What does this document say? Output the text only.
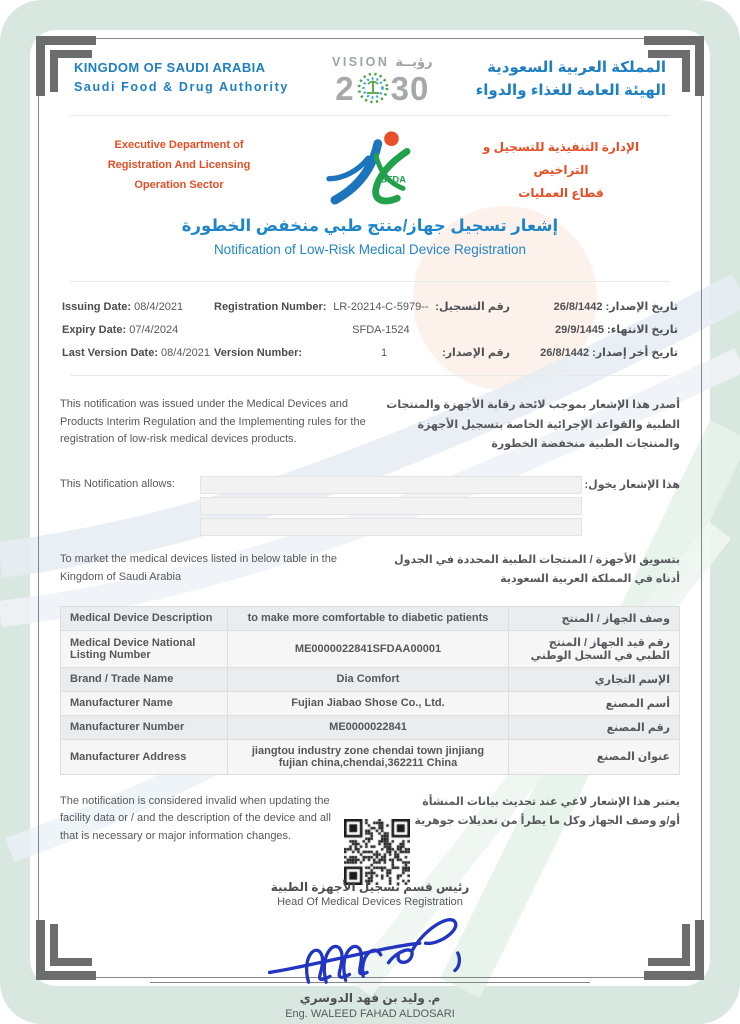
KINGDOM OF SAUDI ARABIA
Saudi Food & Drug Authority
VISION رؤيــة
2 30
المملكة العربية السعودية
الهيئة العامة للغذاء والدواء
Executive Department of
Registration And Licensing
Operation Sector	SFDA
الإدارة التنفيذية للتسجيل و التراخيص
قطاع العمليات
إشعار تسجيل جهاز/منتج طبي منخفض الخطورة
Notification of Low-Risk Medical Device Registration
Issuing Date: 08/4/2021
Expiry Date: 07/4/2024
Last Version Date: 08/4/2021
Registration Number: LR-20214-C-5979--SFDA-1524
رقم التسجيل:
Version Number:	1	رقم الإصدار:
تاريخ الإصدار: 26/8/1442
تاريخ الانتهاء: 29/9/1445
تاريخ أخر إصدار: 26/8/1442
This notification was issued under the Medical Devices and Products Interim Regulation and the Implementing rules for the registration of low-risk medical devices products.
أصدر هذا الإشعار بموجب لائحة رقابة الأجهزة والمنتجات الطبية والقواعد الإجرائية الخاصة بتسجيل الأجهزة والمنتجات الطبية منخفضة الخطورة
This Notification allows:	هذا الإشعار يخول:
To market the medical devices listed in below table in the Kingdom of Saudi Arabia
بتسويق الأجهزة / المنتجات الطبية المحددة في الجدول أدناه في المملكة العربية السعودية
Medical Device Description	to make more comfortable to diabetic patients	وصف الجهاز / المنتج
Medical Device National Listing Number	ME0000022841SFDAA00001	رقم قيد الجهاز / المنتج الطبي في السجل الوطني
Brand / Trade Name	Dia Comfort	الإسم التجاري
Manufacturer Name	Fujian Jiabao Shose Co., Ltd.	أسم المصنع
Manufacturer Number	ME0000022841	رقم المصنع
Manufacturer Address	jiangtou industry zone chendai town jinjiang fujian china,chendai,362211 China	عنوان المصنع
The notification is considered invalid when updating the facility data or / and the description of the device and all that is necessary or major information changes.
يعتبر هذا الإشعار لاغي عند تحديث بيانات المنشأة أو/و وصف الجهاز وكل ما يطرأ من تعديلات جوهرية
رئيس قسم تسجيل الأجهزة الطبية
Head Of Medical Devices Registration
م. وليد بن فهد الدوسري
Eng. WALEED FAHAD ALDOSARI
